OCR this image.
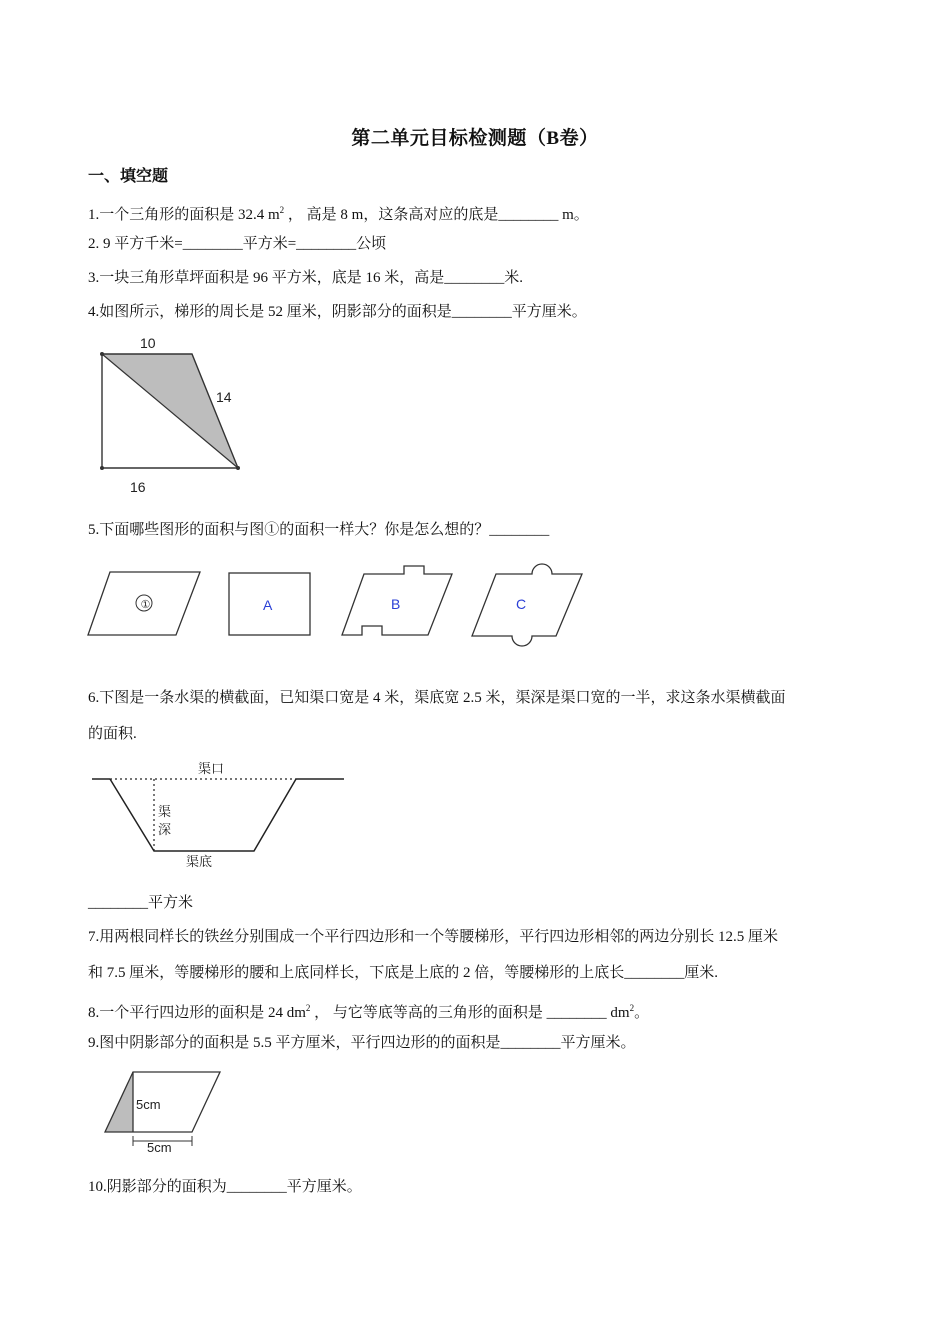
第二单元目标检测题（B卷）
一、填空题
1.一个三角形的面积是 32.4 $m^2$ ， 高是 8 m，这条高对应的底是________ m。
2. 9 平方千米=________平方米=________公顷
3.一块三角形草坪面积是 96 平方米，底是 16 米，高是________米.
4.如图所示，梯形的周长是 52 厘米，阴影部分的面积是________平方厘米。
10
14
16
5.下面哪些图形的面积与图①的面积一样大？你是怎么想的？________
①	A	B	C
6.下图是一条水渠的横截面，已知渠口宽是 4 米，渠底宽 2.5 米，渠深是渠口宽的一半，求这条水渠横截面
的面积.
渠口
渠
深
渠底
________平方米
7.用两根同样长的铁丝分别围成一个平行四边形和一个等腰梯形，平行四边形相邻的两边分别长 12.5 厘米
和 7.5 厘米，等腰梯形的腰和上底同样长，下底是上底的 2 倍，等腰梯形的上底长________厘米.
8.一个平行四边形的面积是 24 $dm^2$ ， 与它等底等高的三角形的面积是 ________ $dm^2$。
9.图中阴影部分的面积是 5.5 平方厘米，平行四边形的的面积是________平方厘米。
5cm
5cm
10.阴影部分的面积为________平方厘米。
